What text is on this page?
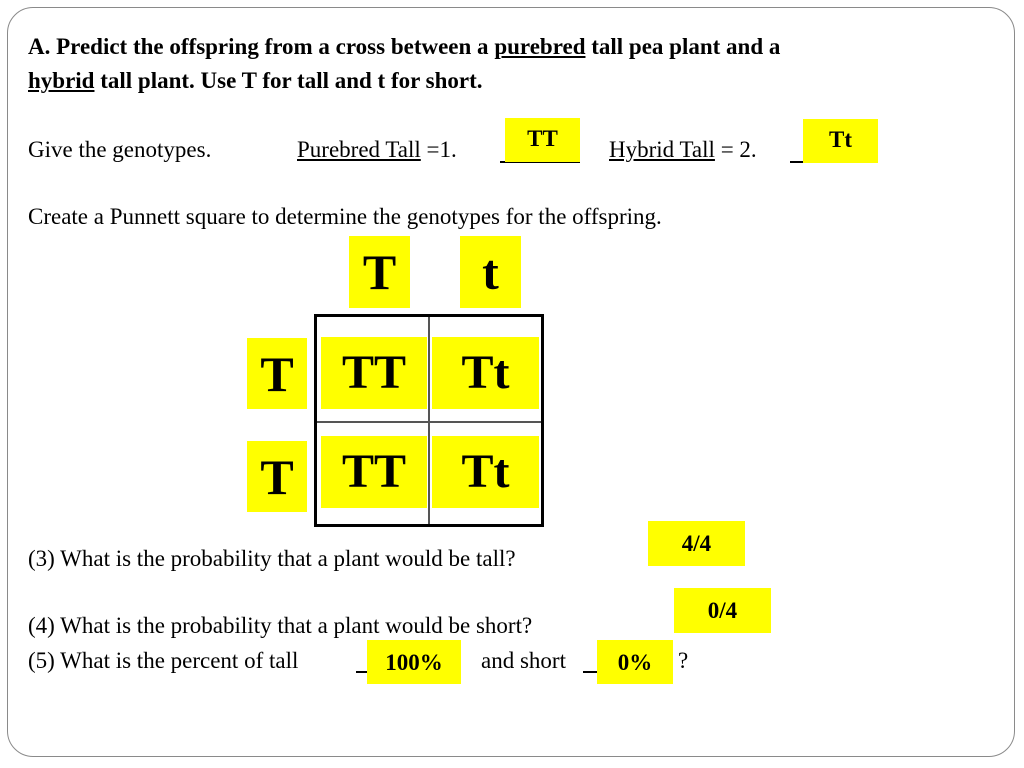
A. Predict the offspring from a cross between a purebred tall pea plant and a
hybrid tall plant. Use T for tall and t for short.
Give the genotypes.	Purebred Tall =1.	TT	Hybrid Tall = 2.	Tt
Create a Punnett square to determine the genotypes for the offspring.
T	t
T
T
TT	Tt
TT	Tt
(3) What is the probability that a plant would be tall?
4/4
(4) What is the probability that a plant would be short?
0/4
(5) What is the percent of tall	100%	and short	0%	?
